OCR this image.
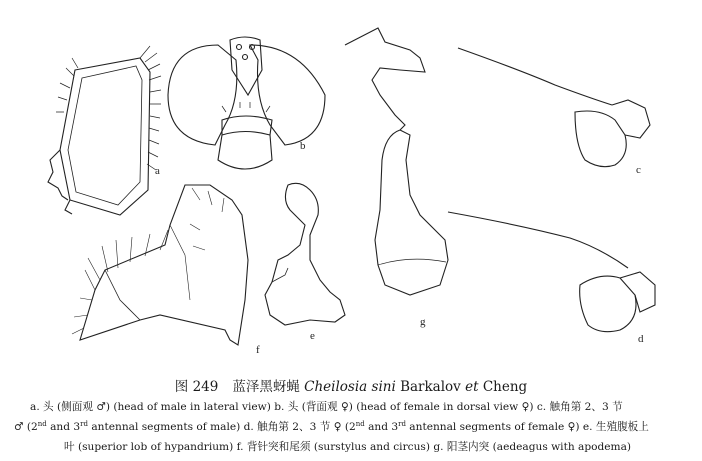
a
b
c
d
e
f
g
图 249 蓝泽黑蚜蝇 Cheilosia sini Barkalov et Cheng
a. 头 (侧面观 ♂) (head of male in lateral view) b. 头 (背面观 ♀) (head of female in dorsal view ♀) c. 触角第 2、3 节
♂ (2nd and 3rd antennal segments of male) d. 触角第 2、3 节 ♀ (2nd and 3rd antennal segments of female ♀) e. 生殖腹板上
叶 (superior lob of hypandrium) f. 背针突和尾须 (surstylus and circus) g. 阳茎内突 (aedeagus with apodema)
